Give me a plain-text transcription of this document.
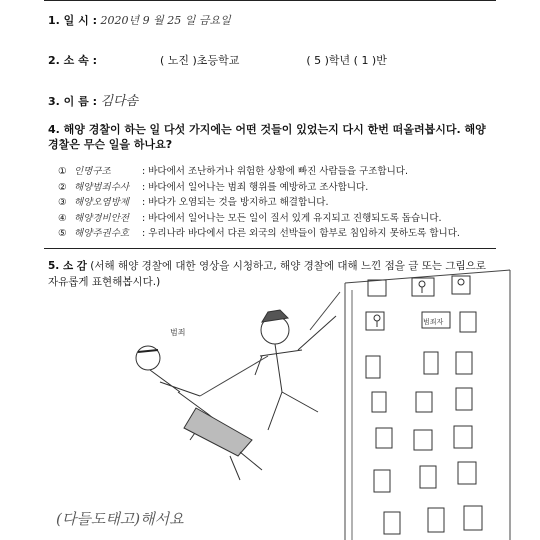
1. 일 시 : 2020년 9 월 25 일 금요일
2. 소 속 :	( 노진 )초등학교	( 5 )학년 ( 1 )반
3. 이 름 : 김다솜
4. 해양 경찰이 하는 일 다섯 가지에는 어떤 것들이 있었는지 다시 한번 떠올려봅시다. 해양 경찰은 무슨 일을 하나요?
① 인명구조	: 바다에서 조난하거나 위험한 상황에 빠진 사람들을 구조합니다.
② 해양범죄수사 : 바다에서 일어나는 범죄 행위를 예방하고 조사합니다.
③ 해양오염방제 : 바다가 오염되는 것을 방지하고 해결합니다.
④ 해양경비안전 : 바다에서 일어나는 모든 일이 질서 있게 유지되고 진행되도록 돕습니다.
⑤ 해양주권수호 : 우리나라 바다에서 다른 외국의 선박들이 함부로 침입하지 못하도록 합니다.
5. 소 감 (서해 해양 경찰에 대한 영상을 시청하고, 해양 경찰에 대해 느낀 점을 글 또는 그림으로 자유롭게 표현해봅시다.)
범죄
범죄자
(다들도태고)해서요
